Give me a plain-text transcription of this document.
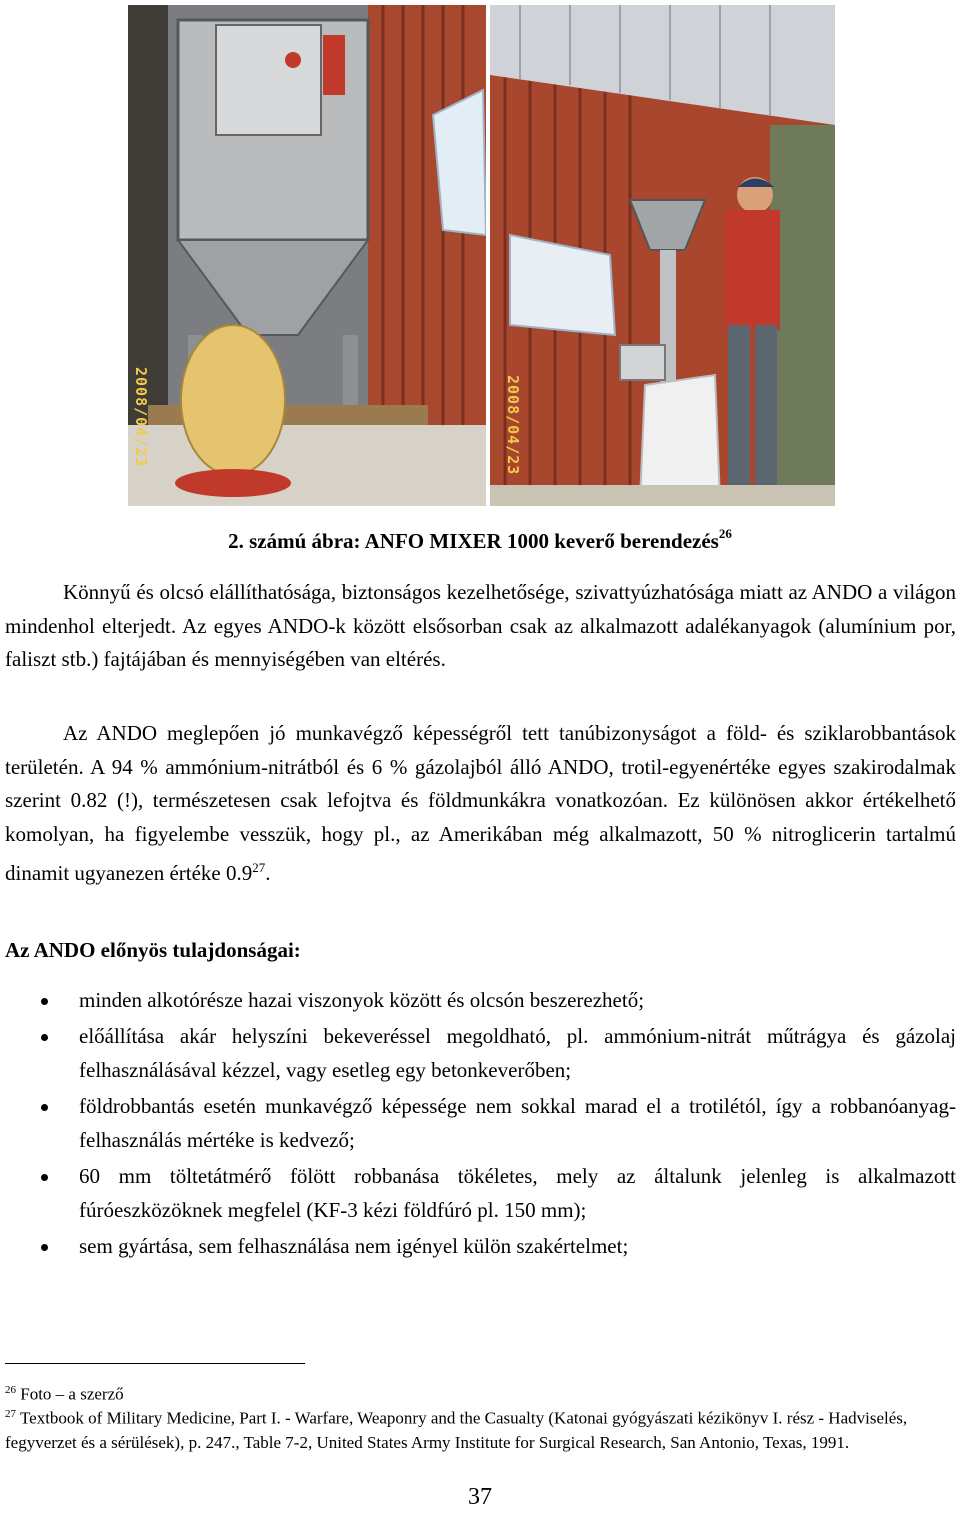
2008/04/23	2008/04/23
2. számú ábra: ANFO MIXER 1000 keverő berendezés$^{26}$
Könnyű és olcsó elállíthatósága, biztonságos kezelhetősége, szivattyúzhatósága miatt az ANDO a világon mindenhol elterjedt. Az egyes ANDO-k között elsősorban csak az alkalmazott adalékanyagok (alumínium por, faliszt stb.) fajtájában és mennyiségében van eltérés.
Az ANDO meglepően jó munkavégző képességről tett tanúbizonyságot a föld- és sziklarobbantások területén. A 94 % ammónium-nitrátból és 6 % gázolajból álló ANDO, trotil-egyenértéke egyes szakirodalmak szerint 0.82 (!), természetesen csak lefojtva és földmunkákra vonatkozóan. Ez különösen akkor értékelhető komolyan, ha figyelembe vesszük, hogy pl., az Amerikában még alkalmazott, 50 % nitroglicerin tartalmú dinamit ugyanezen értéke $0.9^{27}$.
Az ANDO előnyös tulajdonságai:
minden alkotórésze hazai viszonyok között és olcsón beszerezhető;
előállítása akár helyszíni bekeveréssel megoldható, pl. ammónium-nitrát műtrágya és gázolaj felhasználásával kézzel, vagy esetleg egy betonkeverőben;
földrobbantás esetén munkavégző képessége nem sokkal marad el a trotilétól, így a robbanóanyag-felhasználás mértéke is kedvező;
60 mm töltetátmérő fölött robbanása tökéletes, mely az általunk jelenleg is alkalmazott fúróeszközöknek megfelel (KF-3 kézi földfúró pl. 150 mm);
sem gyártása, sem felhasználása nem igényel külön szakértelmet;
$^{26}$ Foto – a szerző
$^{27}$ Textbook of Military Medicine, Part I. - Warfare, Weaponry and the Casualty (Katonai gyógyászati kézikönyv I. rész - Hadviselés, fegyverzet és a sérülések), p. 247., Table 7-2, United States Army Institute for Surgical Research, San Antonio, Texas, 1991.
37
